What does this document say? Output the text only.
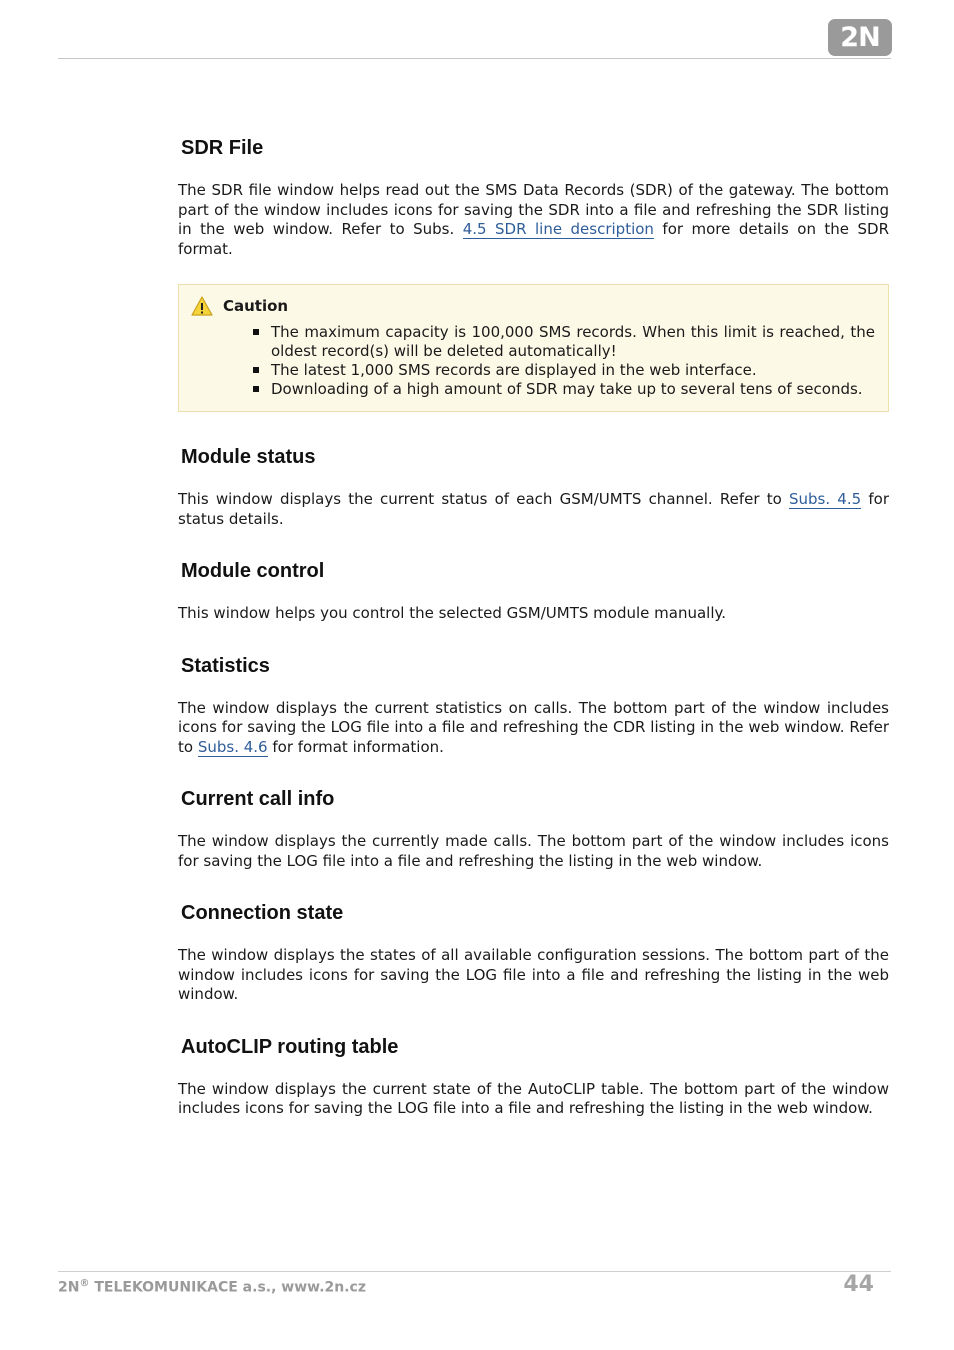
2N
SDR File

The SDR file window helps read out the SMS Data Records (SDR) of the gateway. The bottom part of the window includes icons for saving the SDR into a file and refreshing the SDR listing in the web window. Refer to Subs. 4.5 SDR line description for more details on the SDR format.

Caution
The maximum capacity is 100,000 SMS records. When this limit is reached, the oldest record(s) will be deleted automatically!
The latest 1,000 SMS records are displayed in the web interface.
Downloading of a high amount of SDR may take up to several tens of seconds.
Module status

This window displays the current status of each GSM/UMTS channel. Refer to Subs. 4.5 for status details.

Module control

This window helps you control the selected GSM/UMTS module manually.

Statistics

The window displays the current statistics on calls. The bottom part of the window includes icons for saving the LOG file into a file and refreshing the CDR listing in the web window. Refer to Subs. 4.6 for format information.

Current call info

The window displays the currently made calls. The bottom part of the window includes icons for saving the LOG file into a file and refreshing the listing in the web window.

Connection state

The window displays the states of all available configuration sessions. The bottom part of the window includes icons for saving the LOG file into a file and refreshing the listing in the web window.

AutoCLIP routing table

The window displays the current state of the AutoCLIP table. The bottom part of the window includes icons for saving the LOG file into a file and refreshing the listing in the web window.

2N® TELEKOMUNIKACE a.s., www.2n.cz	44
